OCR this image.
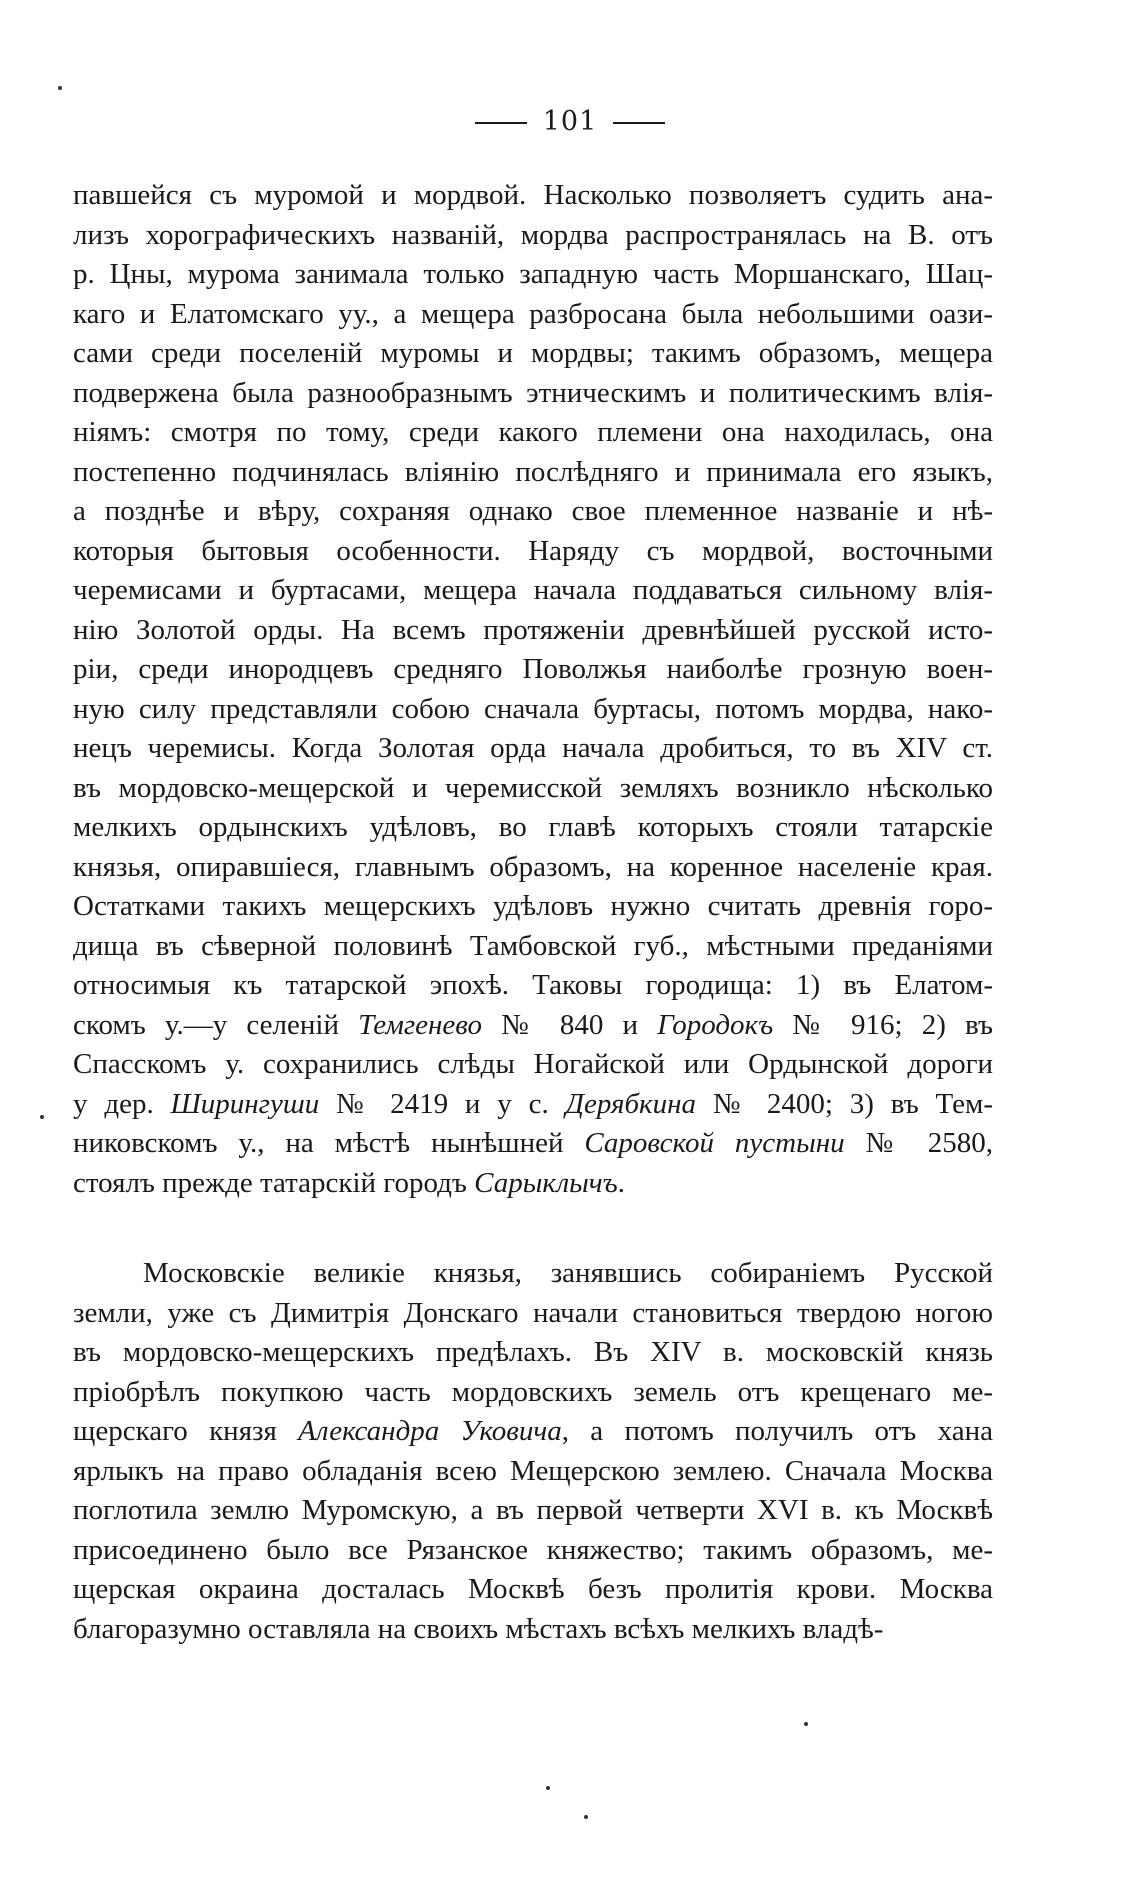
101
павшейся съ муромой и мордвой. Насколько позволяетъ судить ана-
лизъ хорографическихъ названій, мордва распространялась на В. отъ
р. Цны, мурома занимала только западную часть Моршанскаго, Шац-
каго и Елатомскаго уу., а мещера разбросана была небольшими оази-
сами среди поселеній муромы и мордвы; такимъ образомъ, мещера
подвержена была разнообразнымъ этническимъ и политическимъ влія-
ніямъ: смотря по тому, среди какого племени она находилась, она
постепенно подчинялась вліянію послѣдняго и принимала его языкъ,
а позднѣе и вѣру, сохраняя однако свое племенное названіе и нѣ-
которыя бытовыя особенности. Наряду съ мордвой, восточными
черемисами и буртасами, мещера начала поддаваться сильному влія-
нію Золотой орды. На всемъ протяженіи древнѣйшей русской исто-
ріи, среди инородцевъ средняго Поволжья наиболѣе грозную воен-
ную силу представляли собою сначала буртасы, потомъ мордва, нако-
нецъ черемисы. Когда Золотая орда начала дробиться, то въ XIV ст.
въ мордовско-мещерской и черемисской земляхъ возникло нѣсколько
мелкихъ ордынскихъ удѣловъ, во главѣ которыхъ стояли татарскіе
князья, опиравшіеся, главнымъ образомъ, на коренное населеніе края.
Остатками такихъ мещерскихъ удѣловъ нужно считать древнія горо-
дища въ сѣверной половинѣ Тамбовской губ., мѣстными преданіями
относимыя къ татарской эпохѣ. Таковы городища: 1) въ Елатом-
скомъ у.—у селеній Темгенево № 840 и Городокъ № 916; 2) въ
Спасскомъ у. сохранились слѣды Ногайской или Ордынской дороги
у дер. Ширингуши № 2419 и у с. Дерябкина № 2400; 3) въ Тем-
никовскомъ у., на мѣстѣ нынѣшней Саровской пустыни № 2580,
стоялъ прежде татарскій городъ Сарыклычъ.
Московскіе великіе князья, занявшись собираніемъ Русской
земли, уже съ Димитрія Донскаго начали становиться твердою ногою
въ мордовско-мещерскихъ предѣлахъ. Въ XIV в. московскій князь
пріобрѣлъ покупкою часть мордовскихъ земель отъ крещенаго ме-
щерскаго князя Александра Уковича, а потомъ получилъ отъ хана
ярлыкъ на право обладанія всею Мещерскою землею. Сначала Москва
поглотила землю Муромскую, а въ первой четверти XVI в. къ Москвѣ
присоединено было все Рязанское княжество; такимъ образомъ, ме-
щерская окраина досталась Москвѣ безъ пролитія крови. Москва
благоразумно оставляла на своихъ мѣстахъ всѣхъ мелкихъ владѣ-
